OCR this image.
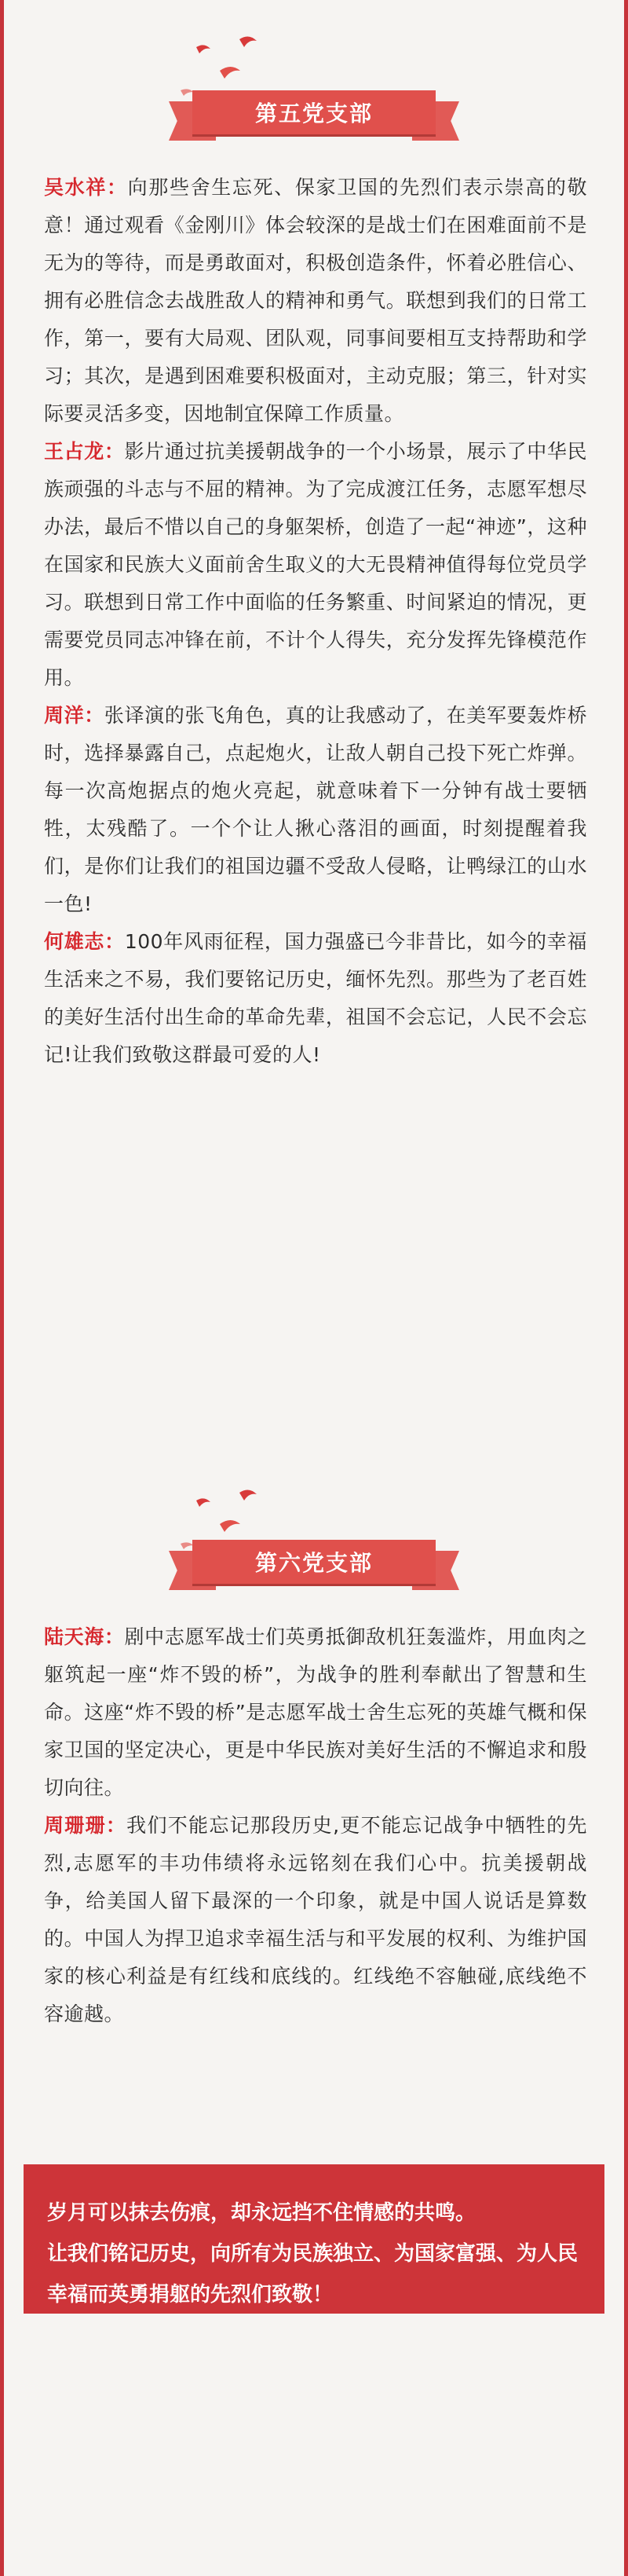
第五党支部

吴水祥：向那些舍生忘死、保家卫国的先烈们表示崇高的敬意！通过观看《金刚川》体会较深的是战士们在困难面前不是无为的等待，而是勇敢面对，积极创造条件，怀着必胜信心、拥有必胜信念去战胜敌人的精神和勇气。联想到我们的日常工作，第一，要有大局观、团队观，同事间要相互支持帮助和学习；其次，是遇到困难要积极面对，主动克服；第三，针对实际要灵活多变，因地制宜保障工作质量。

王占龙：影片通过抗美援朝战争的一个小场景，展示了中华民族顽强的斗志与不屈的精神。为了完成渡江任务，志愿军想尽办法，最后不惜以自己的身躯架桥，创造了一起“神迹”，这种在国家和民族大义面前舍生取义的大无畏精神值得每位党员学习。联想到日常工作中面临的任务繁重、时间紧迫的情况，更需要党员同志冲锋在前，不计个人得失，充分发挥先锋模范作用。

周洋：张译演的张飞角色，真的让我感动了，在美军要轰炸桥时，选择暴露自己，点起炮火，让敌人朝自己投下死亡炸弹。每一次高炮据点的炮火亮起，就意味着下一分钟有战士要牺牲，太残酷了。一个个让人揪心落泪的画面，时刻提醒着我们，是你们让我们的祖国边疆不受敌人侵略，让鸭绿江的山水一色!

何雄志：100年风雨征程，国力强盛已今非昔比，如今的幸福生活来之不易，我们要铭记历史，缅怀先烈。那些为了老百姓的美好生活付出生命的革命先辈，祖国不会忘记，人民不会忘记!让我们致敬这群最可爱的人!

第六党支部

陆天海：剧中志愿军战士们英勇抵御敌机狂轰滥炸，用血肉之躯筑起一座“炸不毁的桥”，为战争的胜利奉献出了智慧和生命。这座“炸不毁的桥”是志愿军战士舍生忘死的英雄气概和保家卫国的坚定决心，更是中华民族对美好生活的不懈追求和殷切向往。

周珊珊：我们不能忘记那段历史,更不能忘记战争中牺牲的先烈,志愿军的丰功伟绩将永远铭刻在我们心中。抗美援朝战争，给美国人留下最深的一个印象，就是中国人说话是算数的。中国人为捍卫追求幸福生活与和平发展的权利、为维护国家的核心利益是有红线和底线的。红线绝不容触碰,底线绝不容逾越。

岁月可以抹去伤痕，却永远挡不住情感的共鸣。

让我们铭记历史，向所有为民族独立、为国家富强、为人民幸福而英勇捐躯的先烈们致敬！
